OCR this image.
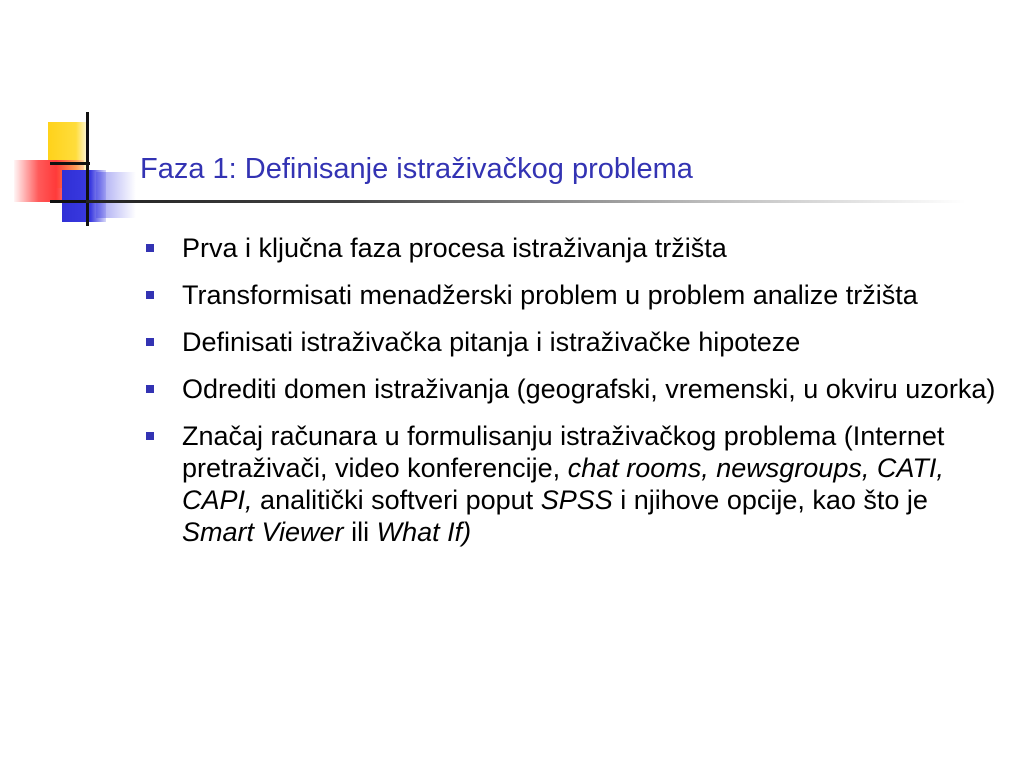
Faza 1: Definisanje istraživačkog problema
Prva i ključna faza procesa istraživanja tržišta
Transformisati menadžerski problem u problem analize tržišta
Definisati istraživačka pitanja i istraživačke hipoteze
Odrediti domen istraživanja (geografski, vremenski, u okviru uzorka)
Značaj računara u formulisanju istraživačkog problema (Internet pretraživači, video konferencije, chat rooms, newsgroups, CATI, CAPI, analitički softveri poput SPSS i njihove opcije, kao što je Smart Viewer ili What If)
